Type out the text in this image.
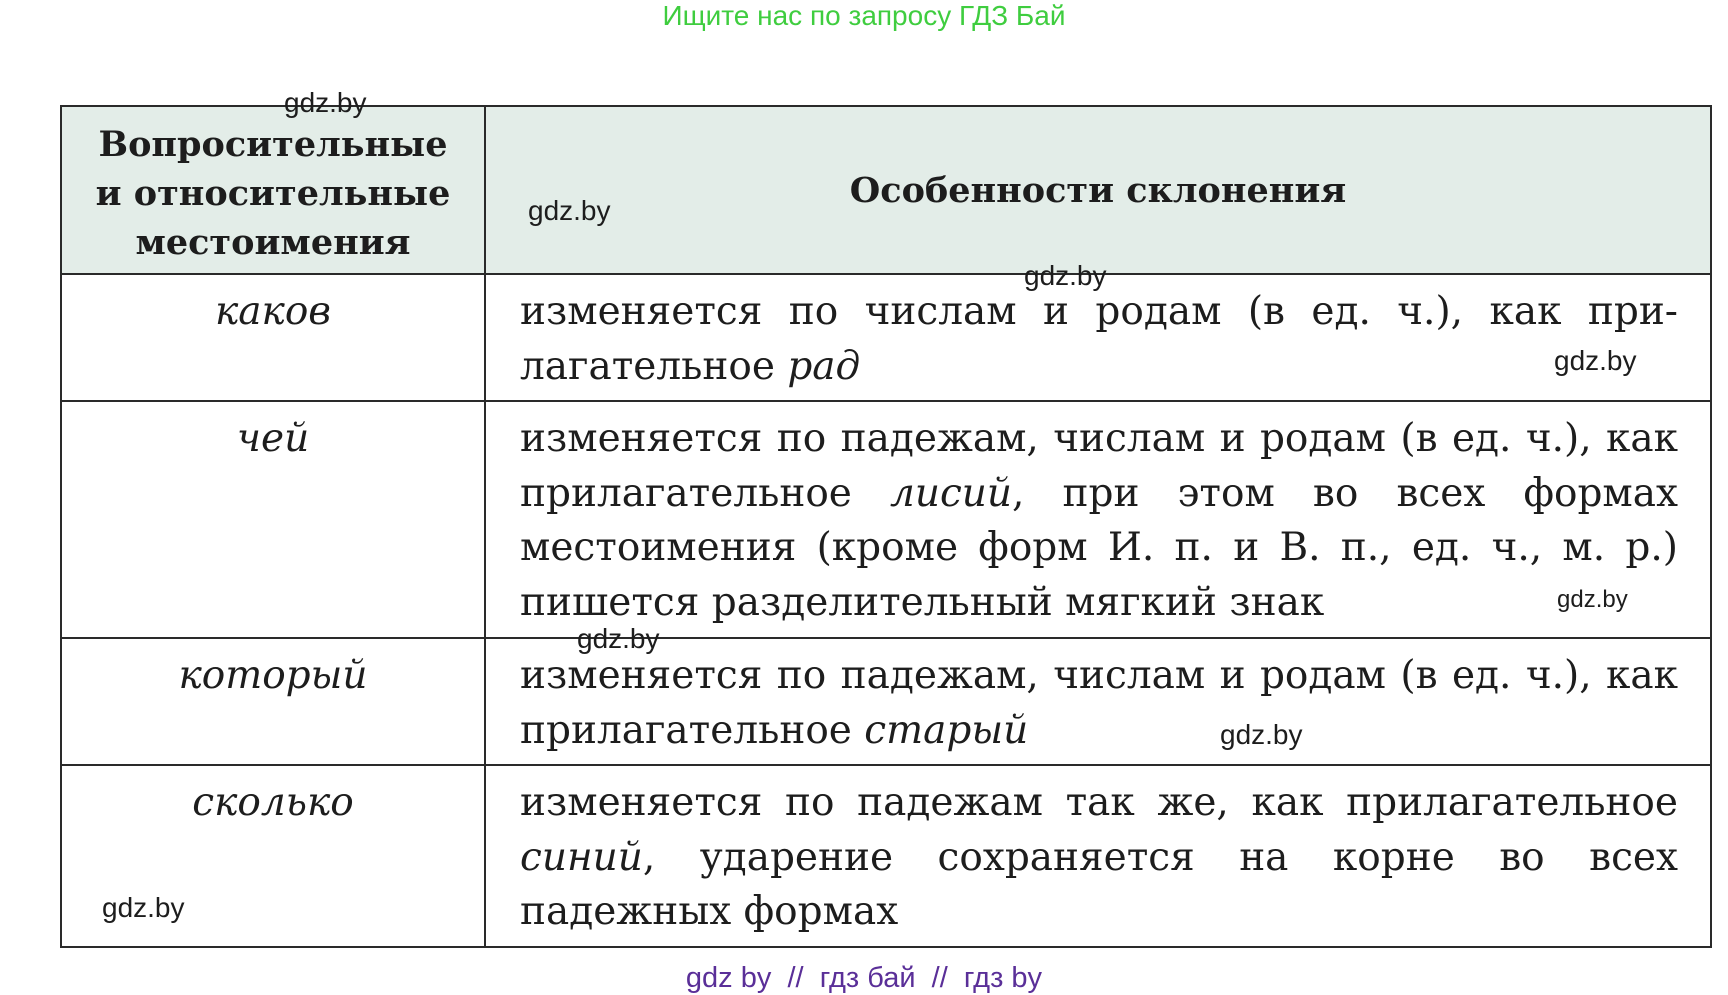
Ищите нас по запросу ГДЗ Бай
Вопросительные
и относительные
местоимения	Особенности склонения
каков	изменяется по числам и родам (в ед. ч.), как при-лагательное рад
чей	изменяется по падежам, числам и родам (в ед. ч.), как прилагательное лисий, при этом во всех формах местоимения (кроме форм И. п. и В. п., ед. ч., м. р.) пишется разделительный мягкий знак
который	изменяется по падежам, числам и родам (в ед. ч.), как прилагательное старый
сколько	изменяется по падежам так же, как прилагательное синий, ударение сохраняется на корне во всех падежных формах
gdz.by
gdz.by
gdz.by
gdz.by
gdz.by
gdz.by
gdz.by
gdz.by
gdz by  //  гдз бай  //  гдз by
